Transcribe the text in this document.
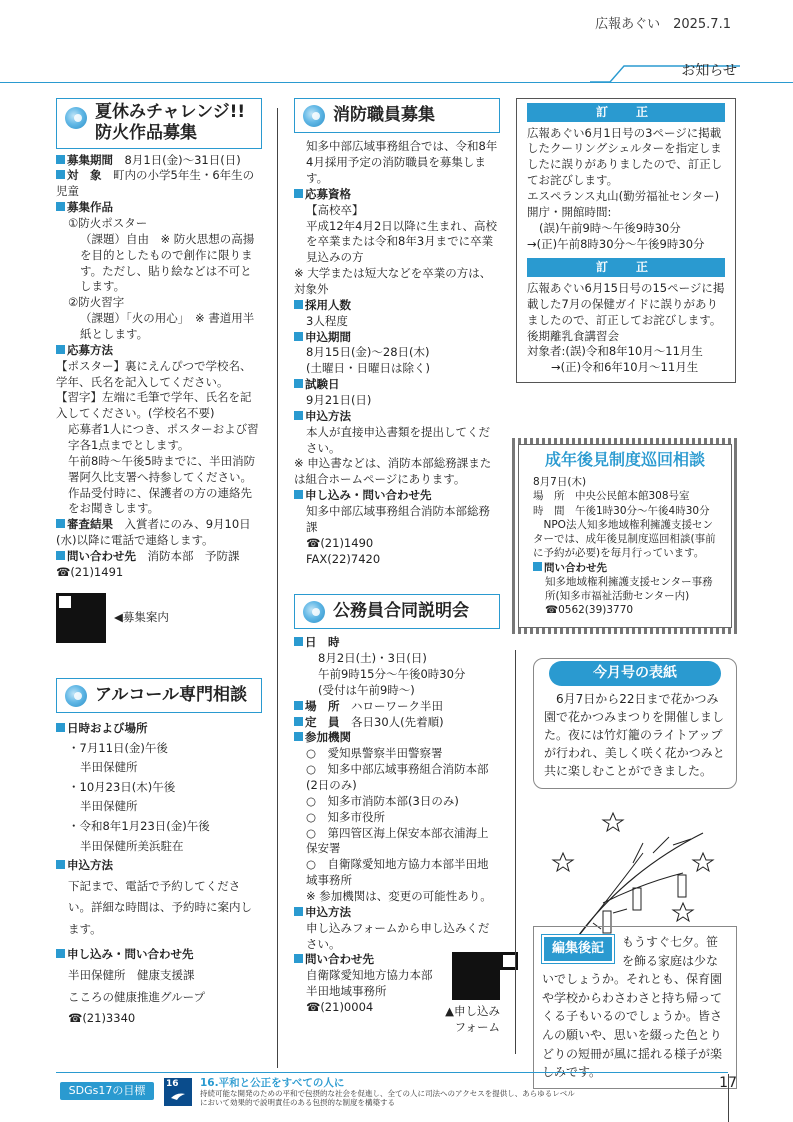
広報あぐい　2025.7.1
お知らせ
夏休みチャレンジ!!
防火作品募集

募集期間　 8月1日(金)～31日(日)

対　象　 町内の小学5年生・6年生の児童

募集作品

①防火ポスター

（課題）自由　※ 防火思想の高揚を目的としたもので創作に限ります。ただし、貼り絵などは不可とします。

②防火習字

（課題）「火の用心」　※ 書道用半紙とします。

応募方法

【ポスター】裏にえんぴつで学校名、学年、氏名を記入してください。

【習字】左端に毛筆で学年、氏名を記入してください。(学校名不要)

応募者1人につき、ポスターおよび習字各1点までとします。

午前8時～午後5時までに、半田消防署阿久比支署へ持参してください。

作品受付時に、保護者の方の連絡先をお聞きします。

審査結果　 入賞者にのみ、9月10日(水)以降に電話で連絡します。

問い合わせ先　 消防本部　予防課　☎(21)1491

◀募集案内
アルコール専門相談
日時および場所

・7月11日(金)午後

半田保健所

・10月23日(木)午後

半田保健所

・令和8年1月23日(金)午後

半田保健所美浜駐在

申込方法

下記まで、電話で予約してください。詳細な時間は、予約時に案内します。

申し込み・問い合わせ先

半田保健所　健康支援課

こころの健康推進グループ

☎(21)3340

消防職員募集

知多中部広域事務組合では、令和8年4月採用予定の消防職員を募集します。

応募資格

【高校卒】

平成12年4月2日以降に生まれ、高校を卒業または令和8年3月までに卒業見込みの方

※ 大学または短大などを卒業の方は、対象外

採用人数

3人程度

申込期間

8月15日(金)～28日(木)

(土曜日・日曜日は除く)

試験日

9月21日(日)

申込方法

本人が直接申込書類を提出してください。

※ 申込書などは、消防本部総務課または組合ホームページにあります。

申し込み・問い合わせ先

知多中部広域事務組合消防本部総務課

☎(21)1490

FAX(22)7420

公務員合同説明会
日　時

8月2日(土)・3日(日)

午前9時15分～午後0時30分

(受付は午前9時～)

場　所　 ハローワーク半田

定　員　 各日30人(先着順)

参加機関

○　愛知県警察半田警察署

○　知多中部広域事務組合消防本部(2日のみ)

○　知多市消防本部(3日のみ)

○　知多市役所

○　第四管区海上保安本部衣浦海上保安署

○　自衛隊愛知地方協力本部半田地域事務所

※ 参加機関は、変更の可能性あり。

申込方法

申し込みフォームから申し込みください。

問い合わせ先

自衛隊愛知地方協力本部半田地域事務所

☎(21)0004	▲申し込み

フォーム

訂　正

広報あぐい6月1日号の3ページに掲載したクーリングシェルターを指定しましたに誤りがありましたので、訂正してお詫びします。

エスペランス丸山(勤労福祉センター)

開庁・開館時間:

(誤)午前9時～午後9時30分

→(正)午前8時30分～午後9時30分

訂　正

広報あぐい6月15日号の15ページに掲載した7月の保健ガイドに誤りがありましたので、訂正してお詫びします。

後期離乳食講習会

対象者:(誤)令和8年10月～11月生

→(正)令和6年10月～11月生

成年後見制度巡回相談

8月7日(木)

場　所　 中央公民館本館308号室

時　間　 午後1時30分～午後4時30分

NPO法人知多地域権利擁護支援センターでは、成年後見制度巡回相談(事前に予約が必要)を毎月行っています。

問い合わせ先

知多地域権利擁護支援センター事務所(知多市福祉活動センター内)

☎0562(39)3770

今月号の表紙

6月7日から22日まで花かつみ園で花かつみまつりを開催しました。夜には竹灯籠のライトアップが行われ、美しく咲く花かつみと共に楽しむことができました。

編集後記	もうすぐ七夕。笹を飾る家庭は少ないでしょうか。それとも、保育園や学校からわさわさと持ち帰ってくる子もいるのでしょうか。皆さんの願いや、思いを綴った色とりどりの短冊が風に揺れる様子が楽しみです。
SDGs17の目標	16	16.平和と公正をすべての人に
持続可能な開発のための平和で包摂的な社会を促進し、全ての人に司法へのアクセスを提供し、あらゆるレベルにおいて効果的で説明責任のある包摂的な制度を構築する
17
